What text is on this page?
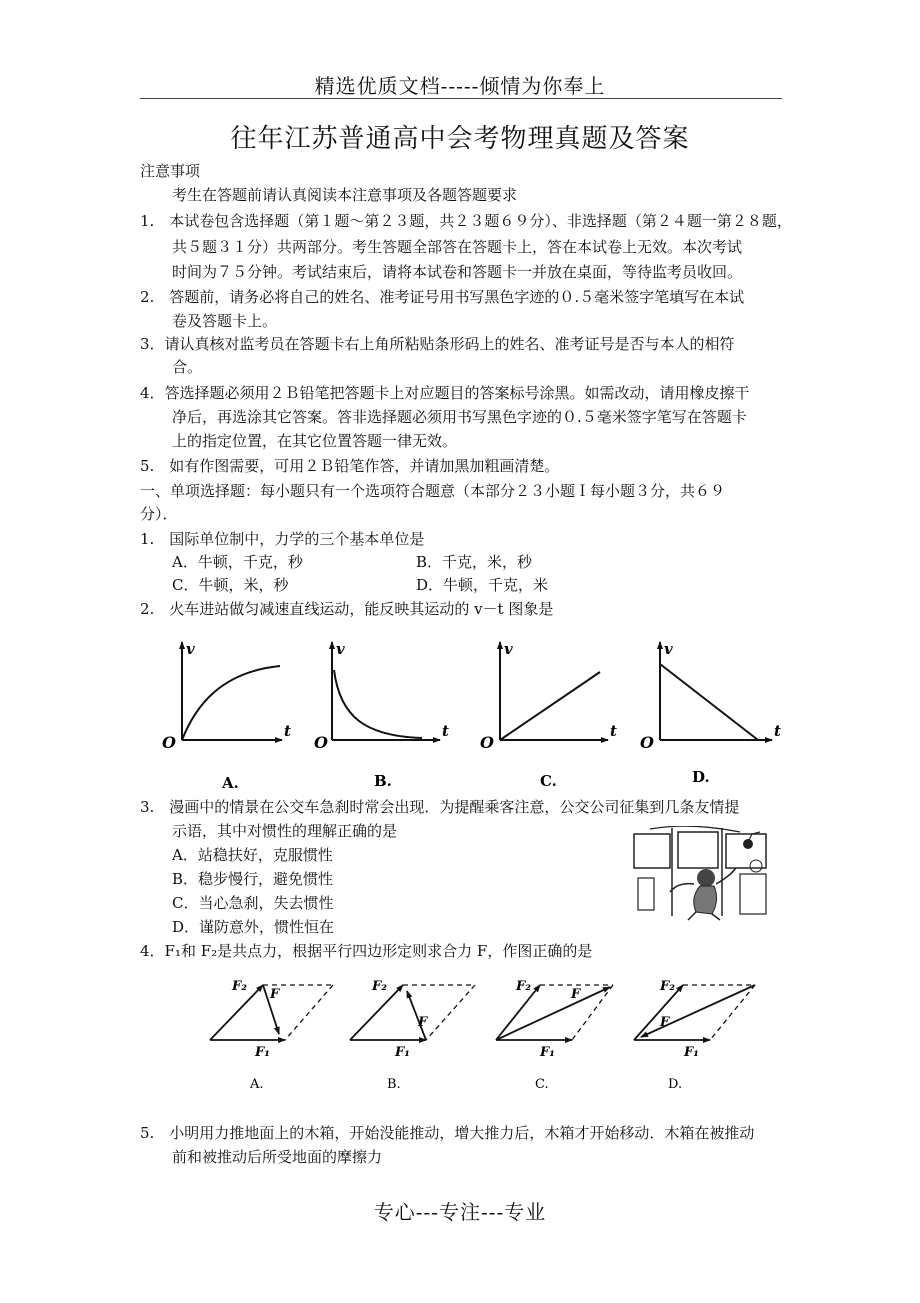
精选优质文档-----倾情为你奉上
往年江苏普通高中会考物理真题及答案
注意事项
考生在答题前请认真阅读本注意事项及各题答题要求
1.　本试卷包含选择题（第１题～第２３题，共２３题６９分）、非选择题（第２４题一第２８题，
共５题３１分）共两部分。考生答题全部答在答题卡上，答在本试卷上无效。本次考试
时间为７５分钟。考试结束后，请将本试卷和答题卡一并放在桌面，等待监考员收回。
2.　答题前，请务必将自己的姓名、准考证号用书写黑色字迹的０.５毫米签字笔填写在本试
卷及答题卡上。
3．请认真核对监考员在答题卡右上角所粘贴条形码上的姓名、准考证号是否与本人的相符
合。
4．答选择题必须用２Ｂ铅笔把答题卡上对应题目的答案标号涂黑。如需改动，请用橡皮擦干
净后，再选涂其它答案。答非选择题必须用书写黑色字迹的０.５毫米签字笔写在答题卡
上的指定位置，在其它位置答题一律无效。
5.　如有作图需要，可用２Ｂ铅笔作答，并请加黑加粗画清楚。
一、单项选择题：每小题只有一个选项符合题意（本部分２３小题Ｉ每小题３分，共６９
分）．
1.　国际单位制中，力学的三个基本单位是
A．牛顿，千克，秒	B．千克，米，秒
C．牛顿，米，秒	D．牛顿，千克，米
2.　火车进站做匀减速直线运动，能反映其运动的 v－t 图象是
v
t
O
v
t
O
v
t
O
v
t
O
A.	B.	C.	D.
3.　漫画中的情景在公交车急刹时常会出现．为提醒乘客注意，公交公司征集到几条友情提
示语，其中对惯性的理解正确的是
A．站稳扶好，克服惯性
B．稳步慢行，避免惯性
C．当心急刹，失去惯性
D．谨防意外，惯性恒在
4．F₁和 F₂是共点力，根据平行四边形定则求合力 F，作图正确的是
F₂
F
F₁
F₂
F
F₁
F₂
F
F₁
F₂
F
F₁
A.	B.	C.	D.
5.　小明用力推地面上的木箱，开始没能推动，增大推力后，木箱才开始移动．木箱在被推动
前和被推动后所受地面的摩擦力
专心---专注---专业
